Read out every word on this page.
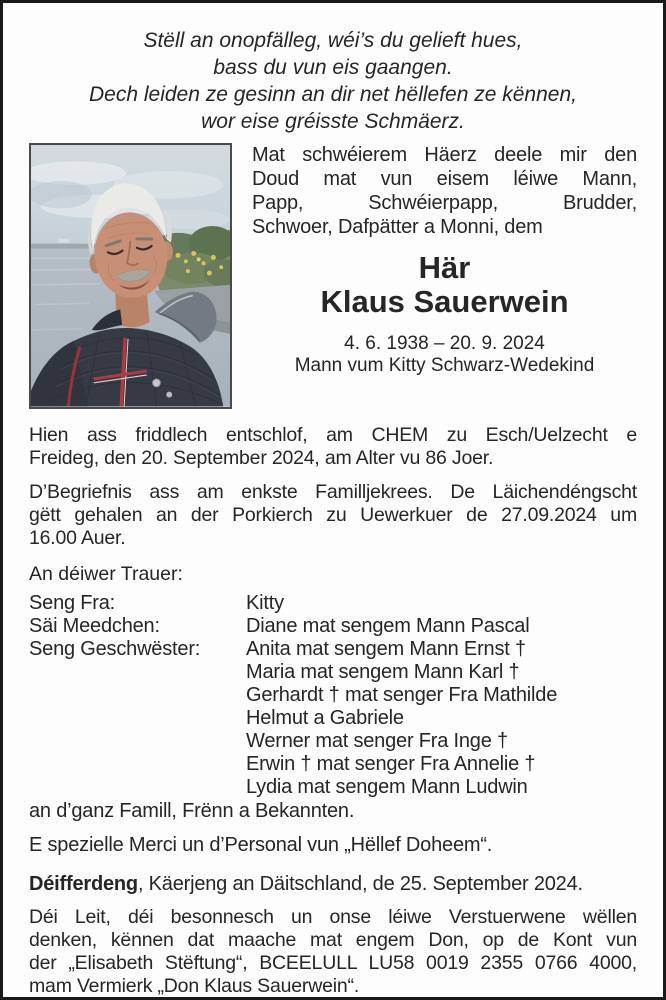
Stëll an onopfälleg, wéi’s du gelieft hues,
bass du vun eis gaangen.
Dech leiden ze gesinn an dir net hëllefen ze kënnen,
wor eise gréisste Schmäerz.
Mat schwéierem Häerz deele mir den
Doud mat vun eisem léiwe Mann,
Papp, Schwéierpapp, Brudder,
Schwoer, Dafpätter a Monni, dem
Här
Klaus Sauerwein
4. 6. 1938 – 20. 9. 2024
Mann vum Kitty Schwarz-Wedekind
Hien ass friddlech entschlof, am CHEM zu Esch/Uelzecht e
Freideg, den 20. September 2024, am Alter vu 86 Joer.
D’Begriefnis ass am enkste Familljekrees. De Läichendéngscht
gëtt gehalen an der Porkierch zu Uewerkuer de 27.09.2024 um
16.00 Auer.
An déiwer Trauer:
Seng Fra:	Kitty
Säi Meedchen:	Diane mat sengem Mann Pascal
Seng Geschwëster:	Anita mat sengem Mann Ernst †
Maria mat sengem Mann Karl †
Gerhardt † mat senger Fra Mathilde
Helmut a Gabriele
Werner mat senger Fra Inge †
Erwin † mat senger Fra Annelie †
Lydia mat sengem Mann Ludwin
an d’ganz Famill, Frënn a Bekannten.
E spezielle Merci un d’Personal vun „Hëllef Doheem“.
Déifferdeng, Käerjeng an Däitschland, de 25. September 2024.
Déi Leit, déi besonnesch un onse léiwe Verstuerwene wëllen
denken, kënnen dat maache mat engem Don, op de Kont vun
der „Elisabeth Stëftung“, BCEELULL LU58 0019 2355 0766 4000,
mam Vermierk „Don Klaus Sauerwein“.
